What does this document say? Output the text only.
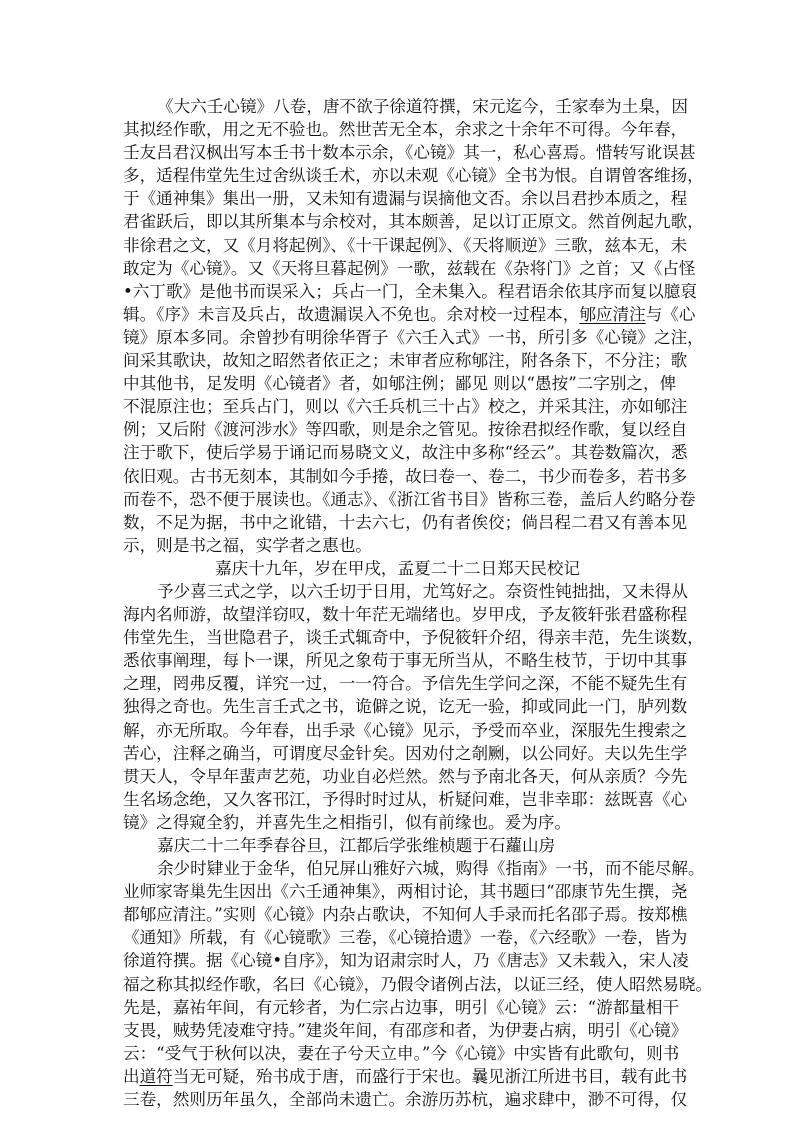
《大六壬心镜》八卷，唐不欲子徐道符撰，宋元迄今，壬家奉为土臬，因
其拟经作歌，用之无不验也。然世苦无全本，余求之十余年不可得。今年春，
壬友吕君汉枫出写本壬书十数本示余，《心镜》其一，私心喜焉。惜转写讹误甚
多，适程伟堂先生过舍纵谈壬术，亦以未观《心镜》全书为恨。自谓曾客维扬，
于《通神集》集出一册，又未知有遗漏与误摘他文否。余以吕君抄本质之，程
君雀跃后，即以其所集本与余校对，其本颇善，足以订正原文。然首例起九歌，
非徐君之文，又《月将起例》、《十干课起例》、《天将顺逆》三歌，兹本无，未
敢定为《心镜》。又《天将旦暮起例》一歌，兹载在《杂将门》之首；又《占怪
•六丁歌》是他书而误采入；兵占一门，全未集入。程君语余依其序而复以臆裒
辑。《序》未言及兵占，故遗漏误入不免也。余对校一过程本，郇应清注与《心
镜》原本多同。余曾抄有明徐华胥子《六壬入式》一书，所引多《心镜》之注，
间采其歌诀，故知之昭然者依正之；未审者应称郇注，附各条下，不分注；歌
中其他书，足发明《心镜者》者，如郇注例；鄙见 则以“愚按”二字别之，俾
不混原注也；至兵占门，则以《六壬兵机三十占》校之，并采其注，亦如郇注
例；又后附《渡河涉水》等四歌，则是余之管见。按徐君拟经作歌，复以经自
注于歌下，使后学易于诵记而易晓文义，故注中多称“经云”。其卷数篇次，悉
依旧观。古书无刻本，其制如今手捲，故曰卷一、卷二，书少而卷多，若书多
而卷不，恐不便于展读也。《通志》、《浙江省书目》皆称三卷，盖后人约略分卷
数，不足为据，书中之讹错，十去六七，仍有者俟佼；倘吕程二君又有善本见
示，则是书之福，实学者之惠也。
嘉庆十九年，岁在甲戌，孟夏二十二日郑天民校记
予少喜三式之学，以六壬切于日用，尤笃好之。奈资性钝拙拙，又未得从
海内名师游，故望洋窃叹，数十年茫无端绪也。岁甲戌，予友筱轩张君盛称程
伟堂先生，当世隐君子，谈壬式辄奇中，予倪筱轩介绍，得亲丰范，先生谈数，
悉依事阐理，每卜一课，所见之象苟于事无所当从，不略生枝节，于切中其事
之理，罔弗反覆，详究一过，一一符合。予信先生学问之深，不能不疑先生有
独得之奇也。先生言壬式之书，诡僻之说，讫无一验，抑或同此一门，胪列数
解，亦无所取。今年春，出手录《心镜》见示，予受而卒业，深服先生搜索之
苦心，注释之确当，可谓度尽金针矣。因劝付之剞劂，以公同好。夫以先生学
贯天人，令早年蜚声艺苑，功业自必烂然。然与予南北各天，何从亲质？今先
生名场念绝，又久客邗江，予得时时过从，析疑问难，岂非幸耶：兹既喜《心
镜》之得窥全豹，并喜先生之相指引，似有前缘也。爰为序。
嘉庆二十二年季春谷旦，江都后学张维桢题于石蘿山房
余少时肄业于金华，伯兄屏山雅好六城，购得《指南》一书，而不能尽解。
业师家寄巢先生因出《六壬通神集》，两相讨论，其书题曰“邵康节先生撰，尧
都郇应清注。”实则《心镜》内杂占歌诀，不知何人手录而托名邵子焉。按郑樵
《通知》所载，有《心镜歌》三卷，《心镜拾遗》一卷，《六经歌》一卷，皆为
徐道符撰。据《心镜•自序》，知为诏肃宗时人，乃《唐志》又未载入，宋人凌
福之称其拟经作歌，名曰《心镜》，乃假令诸例占法，以证三经，使人昭然易晓。
先是，嘉祐年间，有元轸者，为仁宗占边事，明引《心镜》云：“游都量相干
支畏，贼势凭凌难守持。”建炎年间，有邵彦和者，为伊妻占病，明引《心镜》
云：“受气于秋何以决，妻在子兮天立申。”今《心镜》中实皆有此歌句，则书
出道符当无可疑，殆书成于唐，而盛行于宋也。曩见浙江所进书目，载有此书
三卷，然则历年虽久，全部尚未遗亡。余游历苏杭，遍求肆中，渺不可得，仅
